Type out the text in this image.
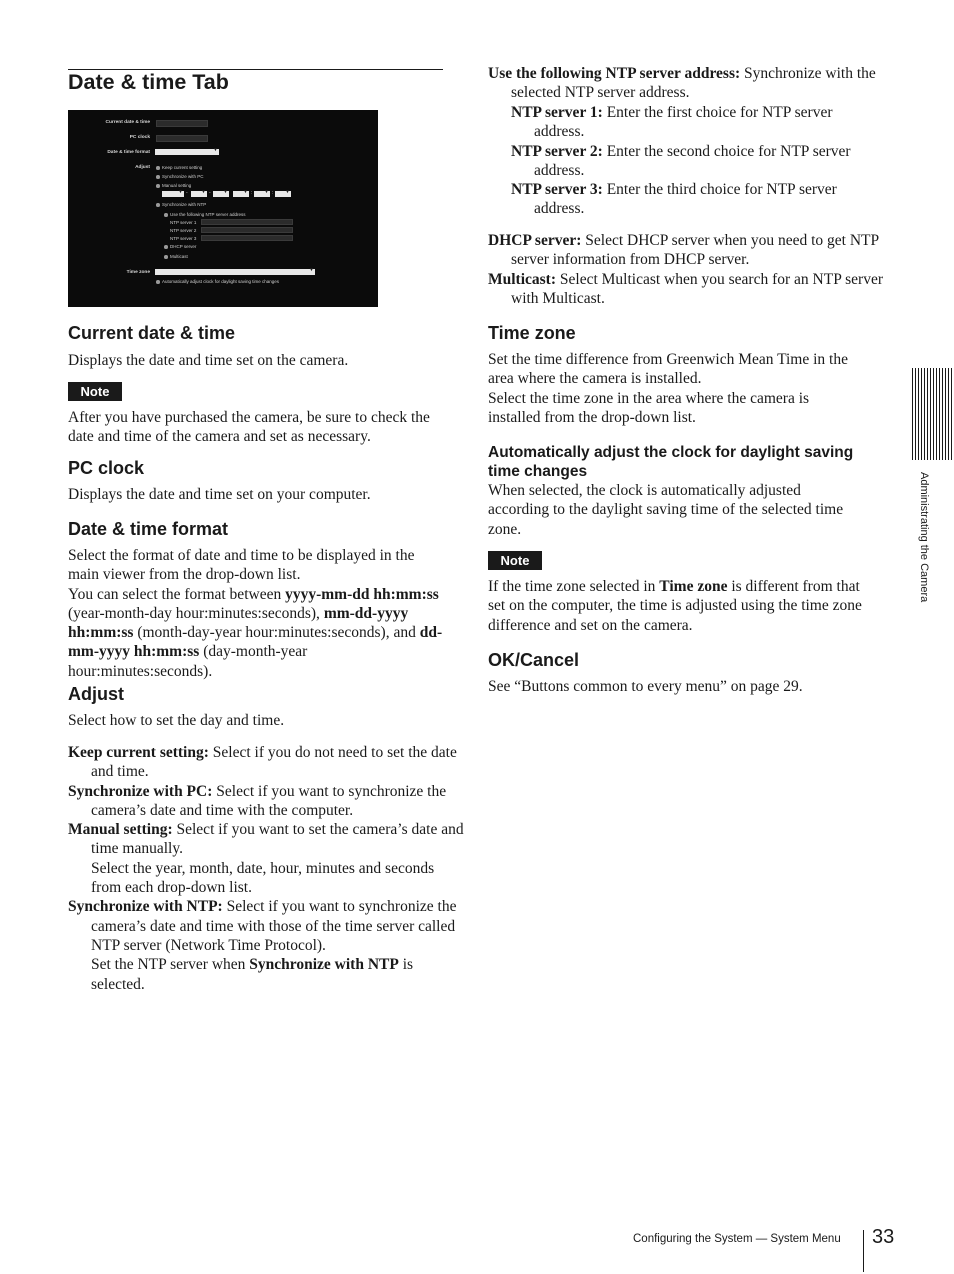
Date & time Tab
Current date & time
PC clock
Date & time format
▼
Adjust	Keep current setting
Synchronize with PC
Manual setting
▼
- ▼	- ▼ ▼	: ▼	:
▼
Synchronize with NTP
Use the following NTP server address
NTP server 1
NTP server 2
NTP server 3
DHCP server
Multicast
Time zone
▼
Automatically adjust clock for daylight saving time changes
Current date & time

Displays the date and time set on the camera.

Note

After you have purchased the camera, be sure to check the date and time of the camera and set as necessary.

PC clock

Displays the date and time set on your computer.

Date & time format

Select the format of date and time to be displayed in the main viewer from the drop-down list.
You can select the format between yyyy-mm-dd hh:mm:ss (year-month-day hour:minutes:seconds), mm-dd-yyyy hh:mm:ss (month-day-year hour:minutes:seconds), and dd-mm-yyyy hh:mm:ss (day-month-year hour:minutes:seconds).

Adjust

Select how to set the day and time.

Keep current setting: Select if you do not need to set the date and time.
Synchronize with PC: Select if you want to synchronize the camera’s date and time with the computer.
Manual setting: Select if you want to set the camera’s date and time manually.
Select the year, month, date, hour, minutes and seconds from each drop-down list.
Synchronize with NTP: Select if you want to synchronize the camera’s date and time with those of the time server called NTP server (Network Time Protocol).
Set the NTP server when Synchronize with NTP is selected.
Use the following NTP server address: Synchronize with the selected NTP server address.
NTP server 1: Enter the first choice for NTP server address.
NTP server 2: Enter the second choice for NTP server address.
NTP server 3: Enter the third choice for NTP server address.
DHCP server: Select DHCP server when you need to get NTP server information from DHCP server.
Multicast: Select Multicast when you search for an NTP server with Multicast.
Time zone

Set the time difference from Greenwich Mean Time in the area where the camera is installed.
Select the time zone in the area where the camera is installed from the drop-down list.

Automatically adjust the clock for daylight saving time changes

When selected, the clock is automatically adjusted according to the daylight saving time of the selected time zone.

Note

If the time zone selected in Time zone is different from that set on the computer, the time is adjusted using the time zone difference and set on the camera.

OK/Cancel

See “Buttons common to every menu” on page 29.

Administrating the Camera
Configuring the System — System Menu 33
